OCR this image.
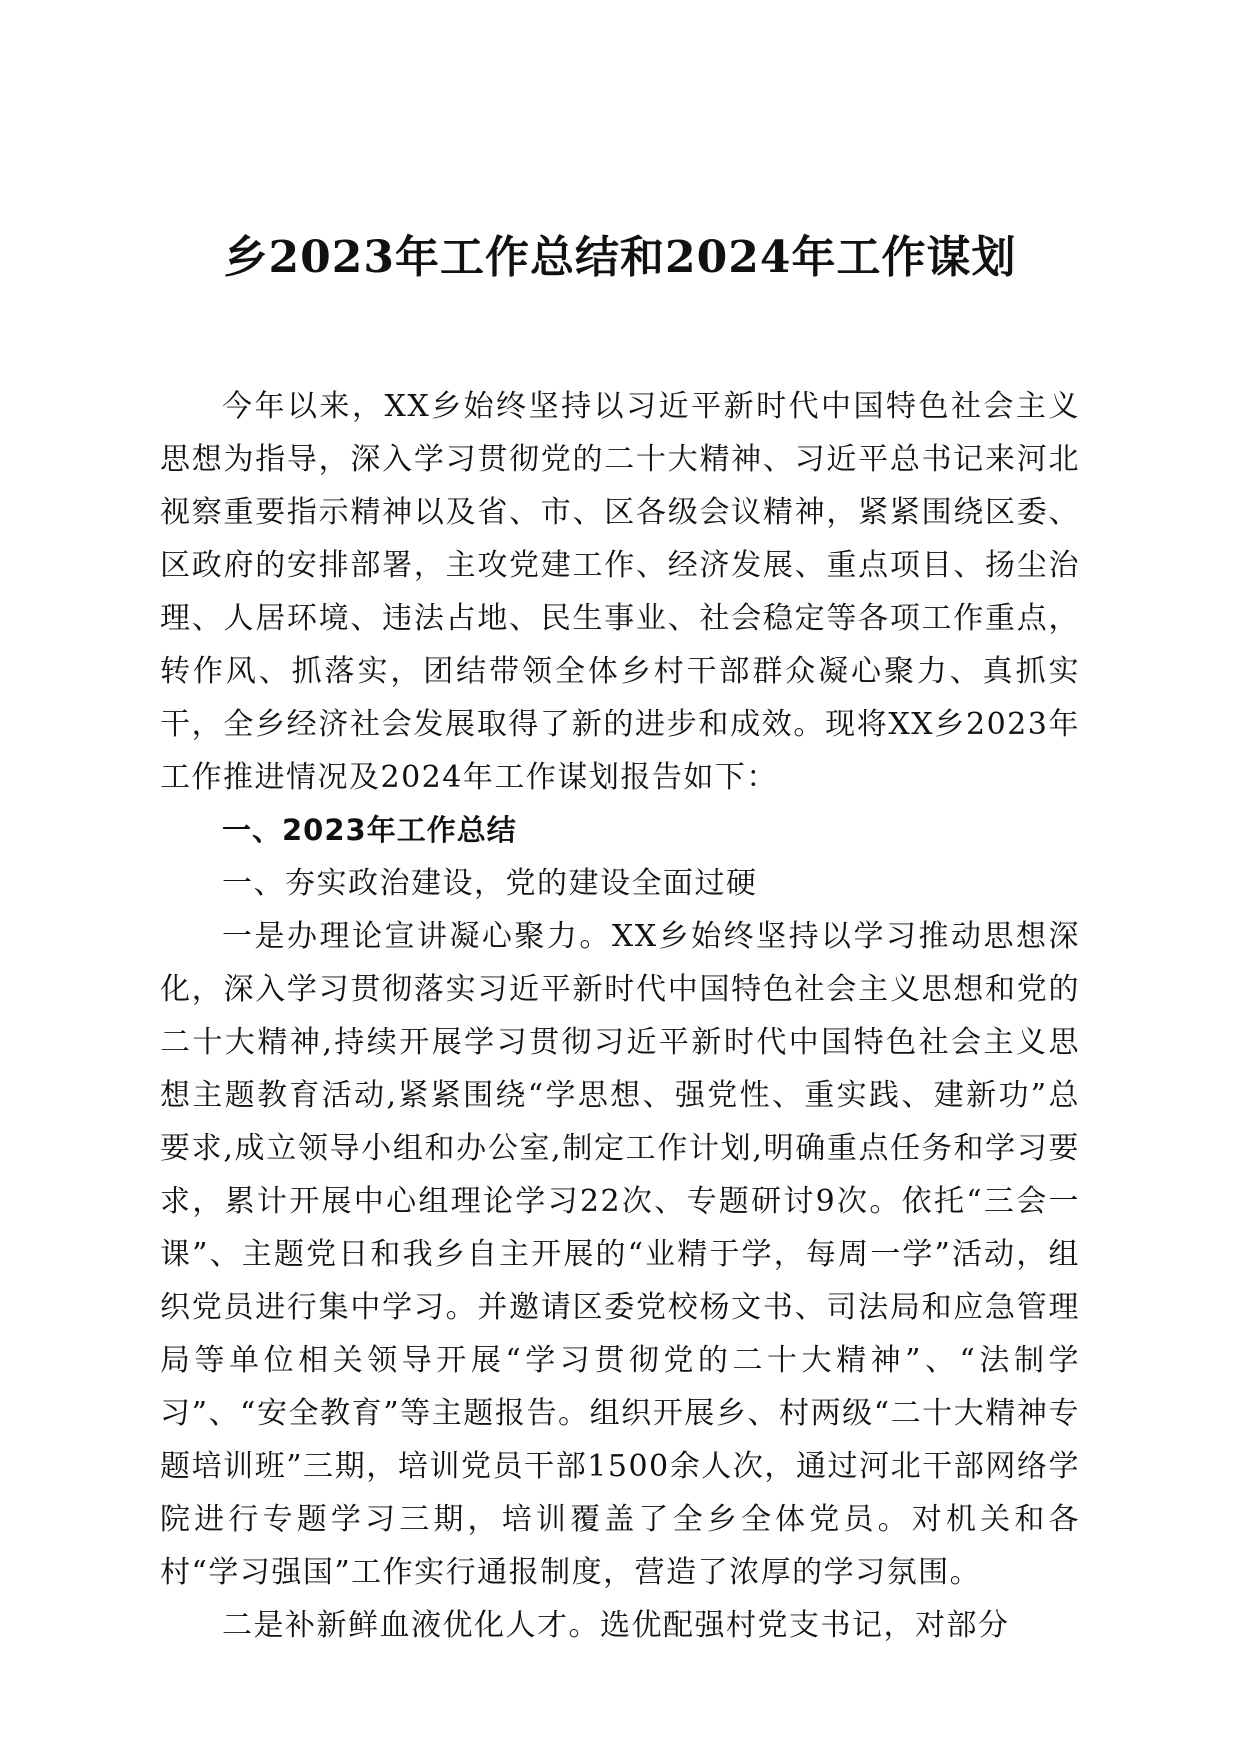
乡2023年工作总结和2024年工作谋划

今年以来，XX乡始终坚持以习近平新时代中国特色社会主义思想为指导，深入学习贯彻党的二十大精神、习近平总书记来河北视察重要指示精神以及省、市、区各级会议精神，紧紧围绕区委、区政府的安排部署，主攻党建工作、经济发展、重点项目、扬尘治理、人居环境、违法占地、民生事业、社会稳定等各项工作重点，转作风、抓落实，团结带领全体乡村干部群众凝心聚力、真抓实干，全乡经济社会发展取得了新的进步和成效。现将XX乡2023年工作推进情况及2024年工作谋划报告如下：

一、2023年工作总结

一、夯实政治建设，党的建设全面过硬

一是办理论宣讲凝心聚力。XX乡始终坚持以学习推动思想深化，深入学习贯彻落实习近平新时代中国特色社会主义思想和党的二十大精神,持续开展学习贯彻习近平新时代中国特色社会主义思想主题教育活动,紧紧围绕“学思想、强党性、重实践、建新功”总要求,成立领导小组和办公室,制定工作计划,明确重点任务和学习要求，累计开展中心组理论学习22次、专题研讨9次。依托“三会一课”、主题党日和我乡自主开展的“业精于学，每周一学”活动，组织党员进行集中学习。并邀请区委党校杨文书、司法局和应急管理局等单位相关领导开展“学习贯彻党的二十大精神”、“法制学习”、“安全教育”等主题报告。组织开展乡、村两级“二十大精神专题培训班”三期，培训党员干部1500余人次，通过河北干部网络学院进行专题学习三期，培训覆盖了全乡全体党员。对机关和各村“学习强国”工作实行通报制度，营造了浓厚的学习氛围。

二是补新鲜血液优化人才。选优配强村党支书记，对部分
